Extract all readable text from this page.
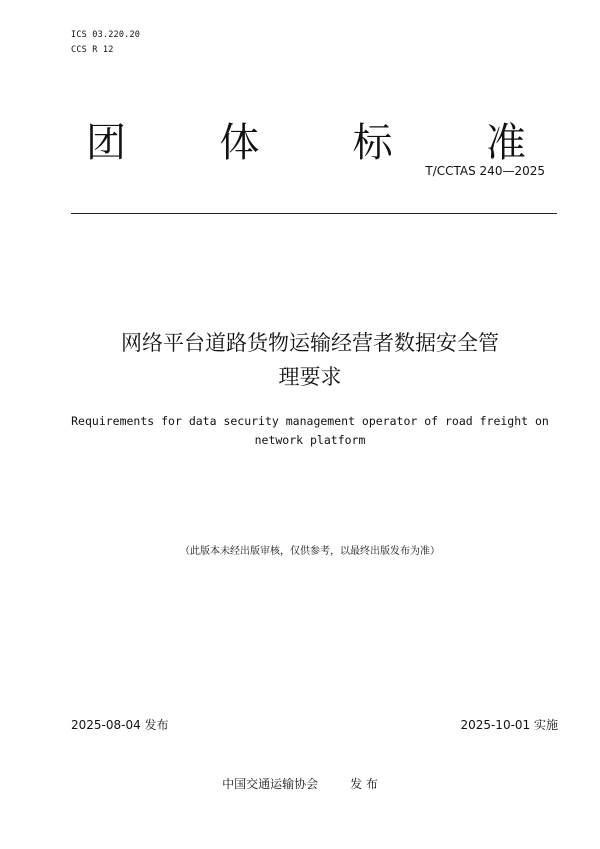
ICS 03.220.20
CCS R 12
团 体 标 准
T/CCTAS 240—2025
网络平台道路货物运输经营者数据安全管
理要求
Requirements for data security management operator of road freight on
network platform
（此版本未经出版审核，仅供参考，以最终出版发布为准）
2025-08-04 发布	2025-10-01 实施
中国交通运输协会	发 布
